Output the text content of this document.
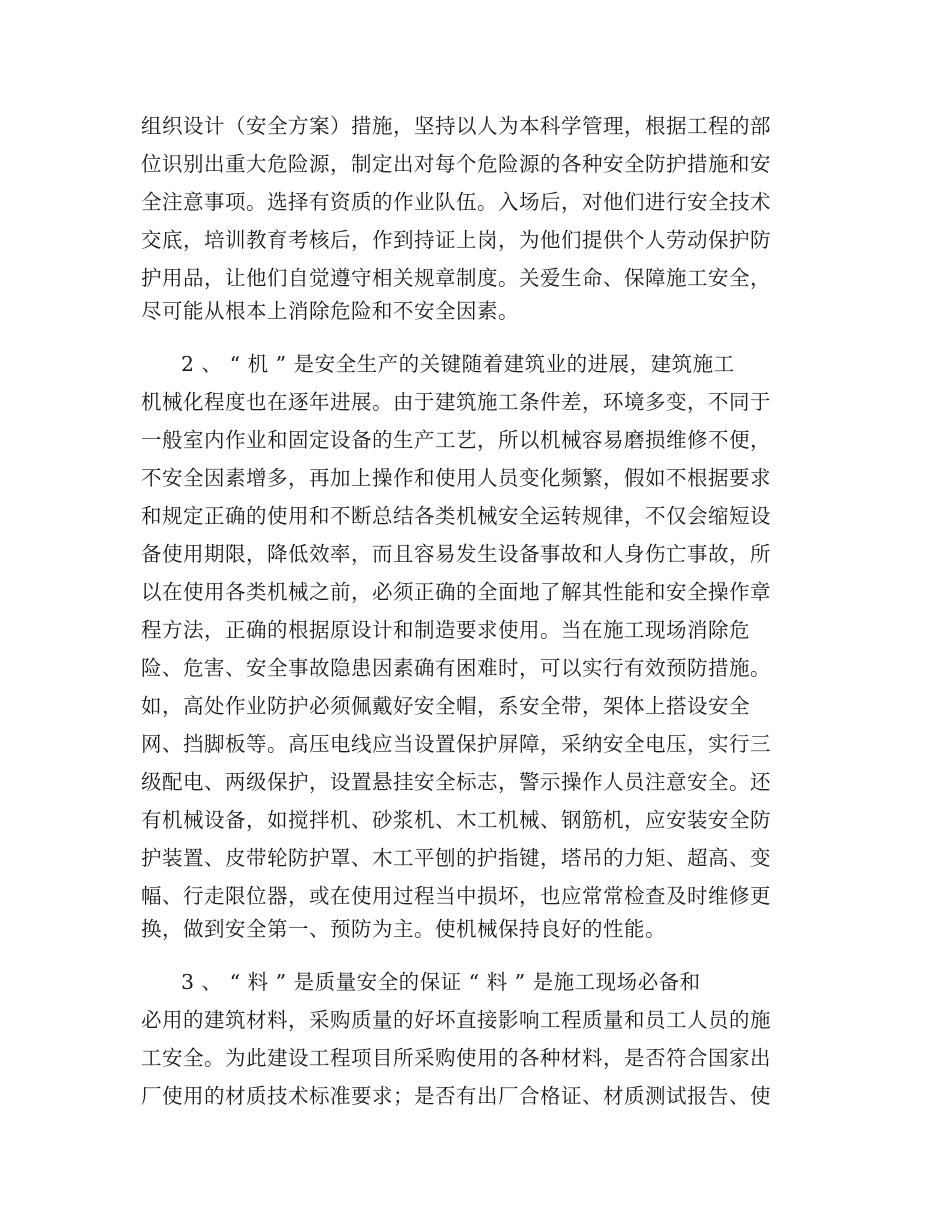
组织设计（安全方案）措施，坚持以人为本科学管理，根据工程的部
位识别出重大危险源，制定出对每个危险源的各种安全防护措施和安
全注意事项。选择有资质的作业队伍。入场后，对他们进行安全技术
交底，培训教育考核后，作到持证上岗，为他们提供个人劳动保护防
护用品，让他们自觉遵守相关规章制度。关爱生命、保障施工安全，
尽可能从根本上消除危险和不安全因素。
2 、 “ 机 ” 是安全生产的关键随着建筑业的进展，建筑施工
机械化程度也在逐年进展。由于建筑施工条件差，环境多变，不同于
一般室内作业和固定设备的生产工艺，所以机械容易磨损维修不便，
不安全因素增多，再加上操作和使用人员变化频繁，假如不根据要求
和规定正确的使用和不断总结各类机械安全运转规律，不仅会缩短设
备使用期限，降低效率，而且容易发生设备事故和人身伤亡事故，所
以在使用各类机械之前，必须正确的全面地了解其性能和安全操作章
程方法，正确的根据原设计和制造要求使用。当在施工现场消除危
险、危害、安全事故隐患因素确有困难时，可以实行有效预防措施。
如，高处作业防护必须佩戴好安全帽，系安全带，架体上搭设安全
网、挡脚板等。高压电线应当设置保护屏障，采纳安全电压，实行三
级配电、两级保护，设置悬挂安全标志，警示操作人员注意安全。还
有机械设备，如搅拌机、砂浆机、木工机械、钢筋机，应安装安全防
护装置、皮带轮防护罩、木工平刨的护指键，塔吊的力矩、超高、变
幅、行走限位器，或在使用过程当中损坏，也应常常检查及时维修更
换，做到安全第一、预防为主。使机械保持良好的性能。
3 、 “ 料 ” 是质量安全的保证 “ 料 ” 是施工现场必备和
必用的建筑材料，采购质量的好坏直接影响工程质量和员工人员的施
工安全。为此建设工程项目所采购使用的各种材料，是否符合国家出
厂使用的材质技术标准要求；是否有出厂合格证、材质测试报告、使
